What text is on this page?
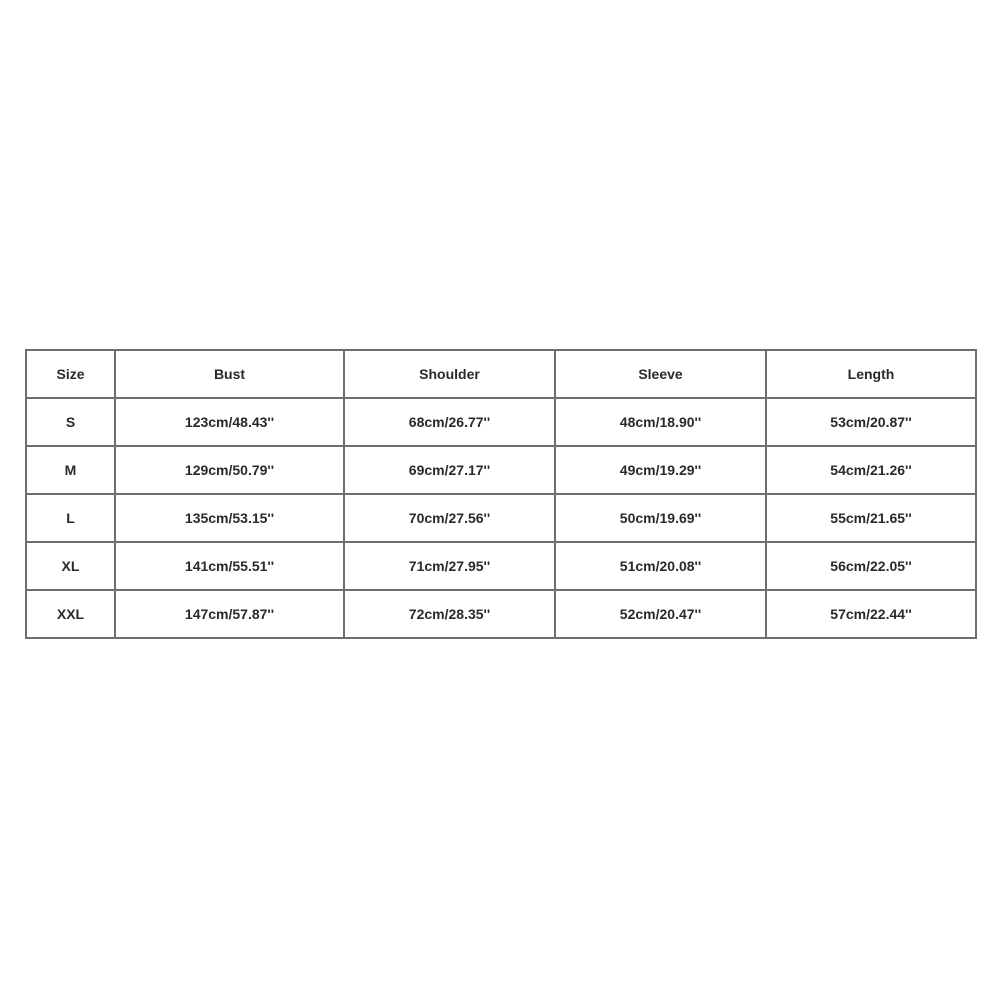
Size	Bust	Shoulder	Sleeve	Length
S	123cm/48.43''	68cm/26.77''	48cm/18.90''	53cm/20.87''
M	129cm/50.79''	69cm/27.17''	49cm/19.29''	54cm/21.26''
L	135cm/53.15''	70cm/27.56''	50cm/19.69''	55cm/21.65''
XL	141cm/55.51''	71cm/27.95''	51cm/20.08''	56cm/22.05''
XXL	147cm/57.87''	72cm/28.35''	52cm/20.47''	57cm/22.44''
